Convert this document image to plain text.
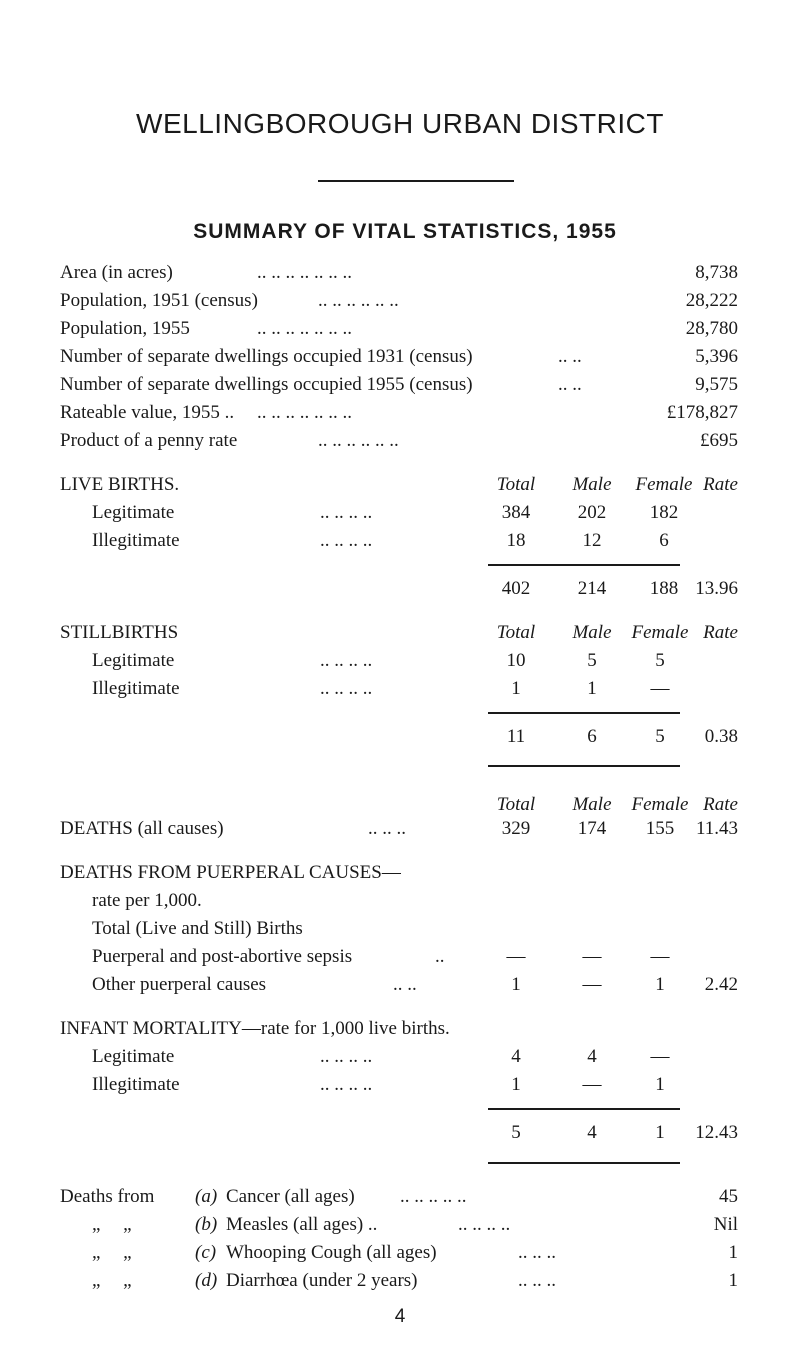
WELLINGBOROUGH URBAN DISTRICT
SUMMARY OF VITAL STATISTICS, 1955
Area (in acres)	.. .. .. .. .. .. ..	8,738
Population, 1951 (census)	.. .. .. .. .. ..	28,222
Population, 1955	.. .. .. .. .. .. ..	28,780
Number of separate dwellings occupied 1931 (census)	.. ..	5,396
Number of separate dwellings occupied 1955 (census)	.. ..	9,575
Rateable value, 1955 .. .. .. .. .. .. .. ..	£178,827
Product of a penny rate	.. .. .. .. .. ..	£695
LIVE BIRTHS.	Total	Male	Female Rate
Legitimate	.. .. .. ..	384	202	182
Illegitimate	.. .. .. ..	18	12	6
402	214	188 13.96
STILLBIRTHS	Total	Male	Female Rate
Legitimate	.. .. .. ..	10	5	5
Illegitimate	.. .. .. ..	1	1	—
11	6	5	0.38
Total	Male	Female Rate
DEATHS (all causes)	.. .. ..	329	174	155	11.43
DEATHS FROM PUERPERAL CAUSES—
rate per 1,000.
Total (Live and Still) Births
Puerperal and post-abortive sepsis	..	—	—	—
Other puerperal causes	.. ..	1	—	1	2.42
INFANT MORTALITY—rate for 1,000 live births.
Legitimate	.. .. .. ..	4	4	—
Illegitimate	.. .. .. ..	1	—	1
5	4	1	12.43
Deaths from (a) Cancer (all ages) .. .. .. .. ..	45
„ „	(b) Measles (all ages) ..	.. .. .. ..	Nil
„ „	(c) Whooping Cough (all ages)	.. .. ..	1
„ „	(d) Diarrhœa (under 2 years)	.. .. ..	1
4
